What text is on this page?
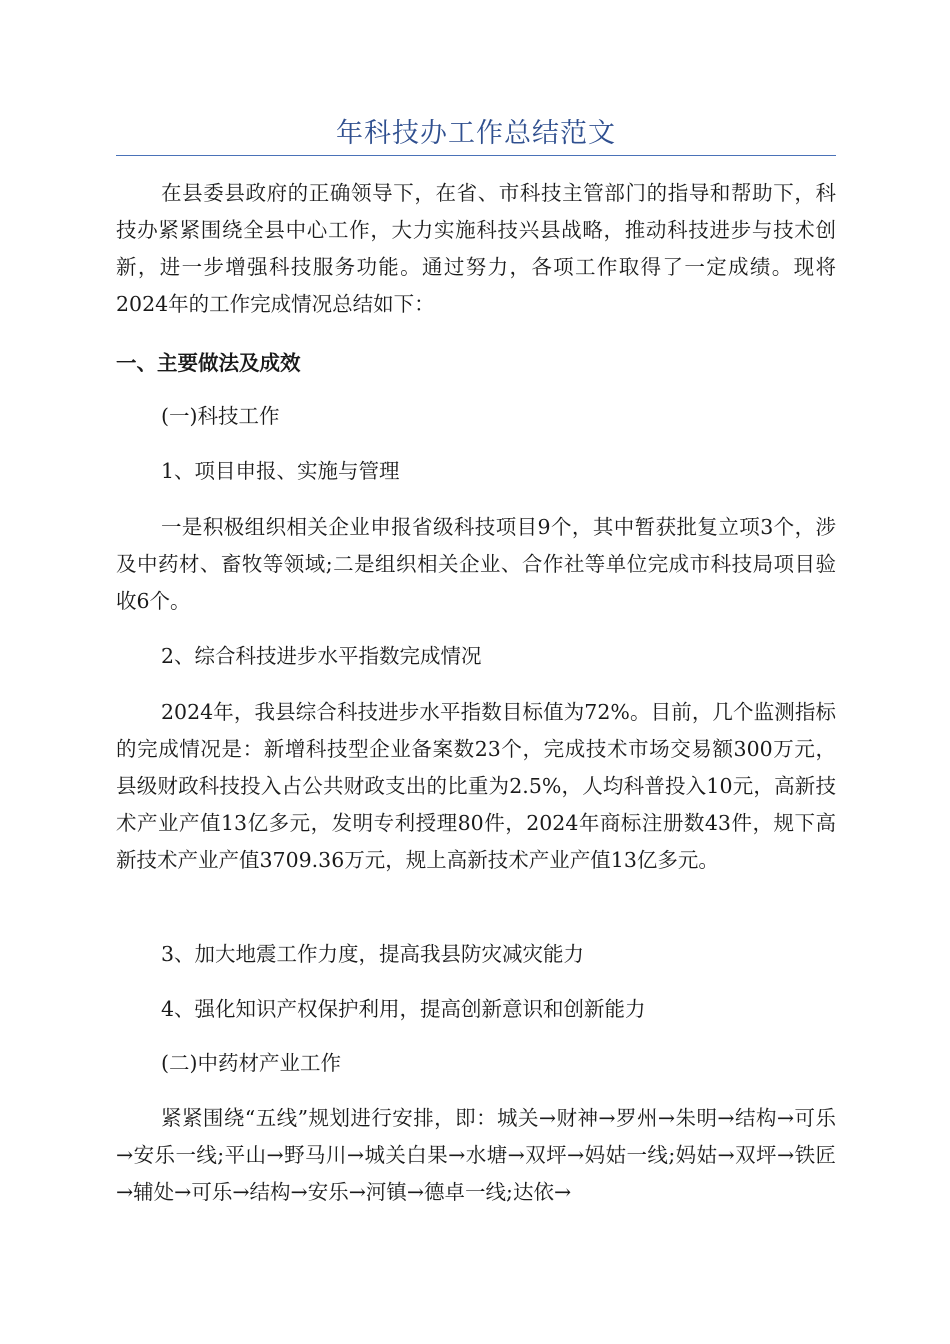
年科技办工作总结范文

在县委县政府的正确领导下，在省、市科技主管部门的指导和帮助下，科技办紧紧围绕全县中心工作，大力实施科技兴县战略，推动科技进步与技术创新，进一步增强科技服务功能。通过努力，各项工作取得了一定成绩。现将2024年的工作完成情况总结如下：

一、主要做法及成效

(一)科技工作

1、项目申报、实施与管理

一是积极组织相关企业申报省级科技项目9个，其中暂获批复立项3个，涉及中药材、畜牧等领域;二是组织相关企业、合作社等单位完成市科技局项目验收6个。

2、综合科技进步水平指数完成情况

2024年，我县综合科技进步水平指数目标值为72%。目前，几个监测指标的完成情况是：新增科技型企业备案数23个，完成技术市场交易额300万元，县级财政科技投入占公共财政支出的比重为2.5%，人均科普投入10元，高新技术产业产值13亿多元，发明专利授理80件，2024年商标注册数43件，规下高新技术产业产值3709.36万元，规上高新技术产业产值13亿多元。

3、加大地震工作力度，提高我县防灾减灾能力

4、强化知识产权保护利用，提高创新意识和创新能力

(二)中药材产业工作

紧紧围绕“五线”规划进行安排，即：城关→财神→罗州→朱明→结构→可乐→安乐一线;平山→野马川→城关白果→水塘→双坪→妈姑一线;妈姑→双坪→铁匠→辅处→可乐→结构→安乐→河镇→德卓一线;达依→
